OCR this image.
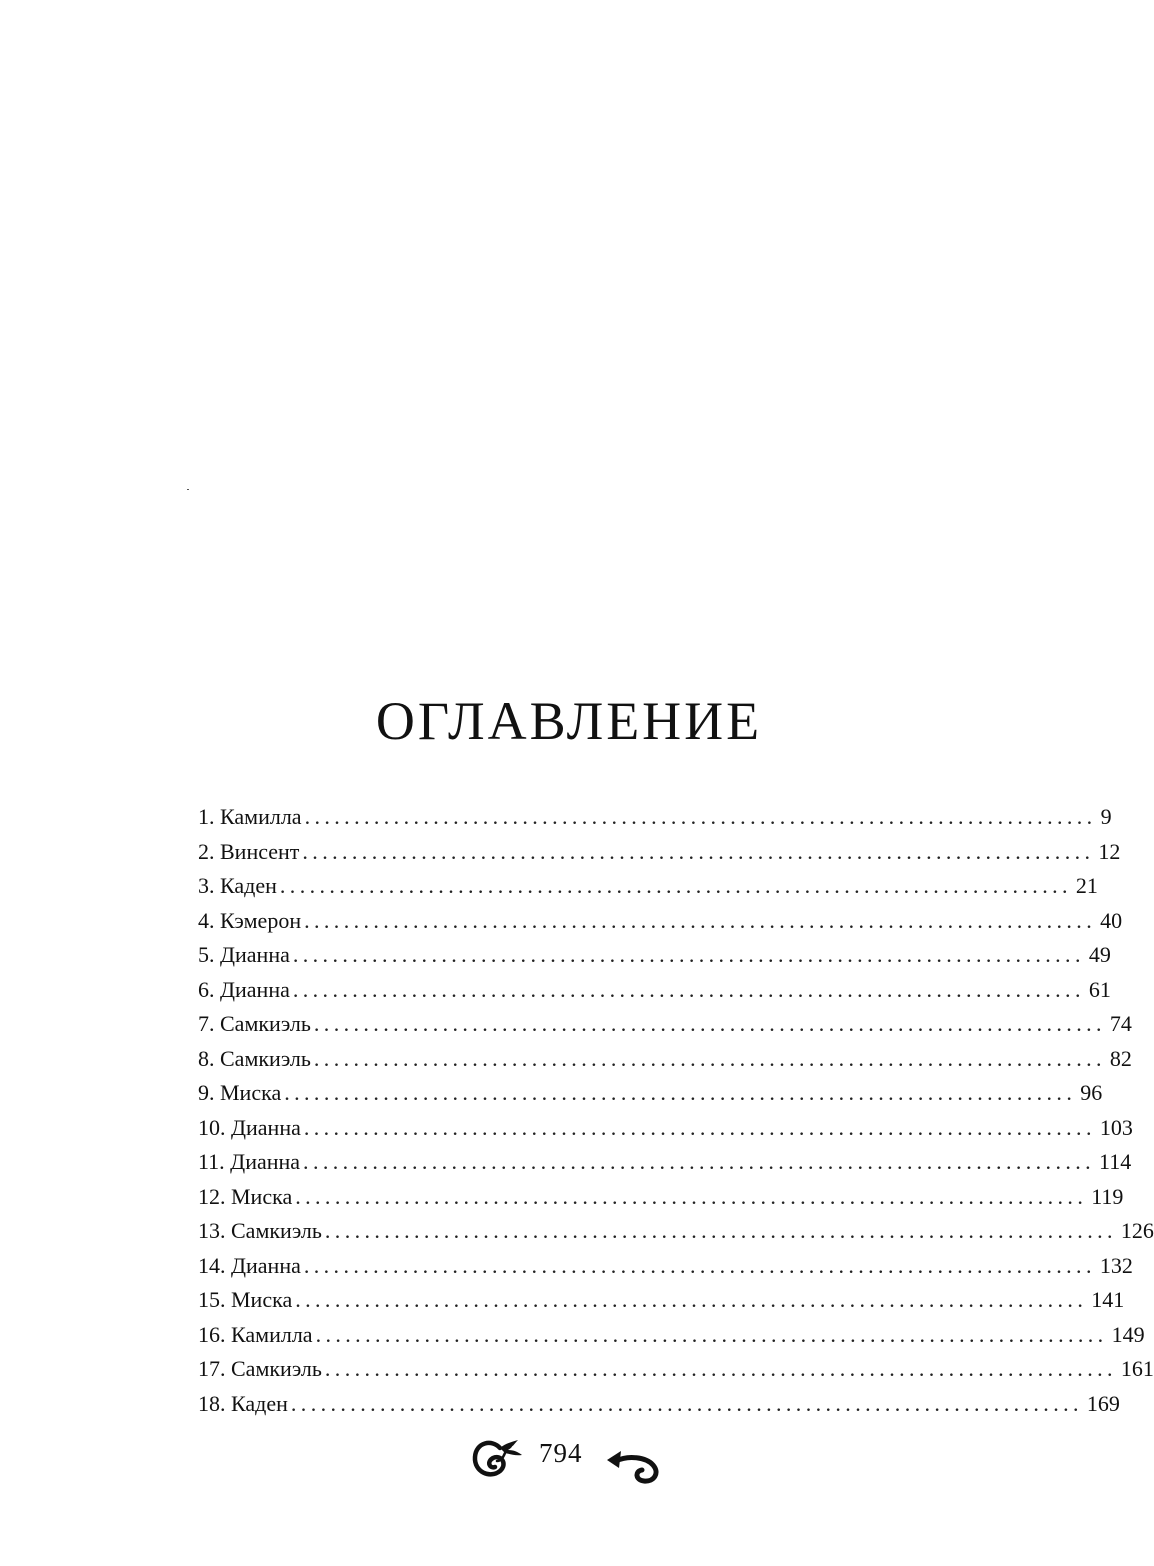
ОГЛАВЛЕНИЕ
1. Камилла ................................................................................ 9
2. Винсент ................................................................................ 12
3. Каден ................................................................................ 21
4. Кэмерон ................................................................................ 40
5. Дианна ................................................................................ 49
6. Дианна ................................................................................ 61
7. Самкиэль ................................................................................ 74
8. Самкиэль ................................................................................ 82
9. Миска ................................................................................ 96
10. Дианна ................................................................................ 103
11. Дианна ................................................................................ 114
12. Миска ................................................................................ 119
13. Самкиэль ................................................................................ 126
14. Дианна ................................................................................ 132
15. Миска ................................................................................ 141
16. Камилла ................................................................................ 149
17. Самкиэль ................................................................................ 161
18. Каден ................................................................................ 169
794
